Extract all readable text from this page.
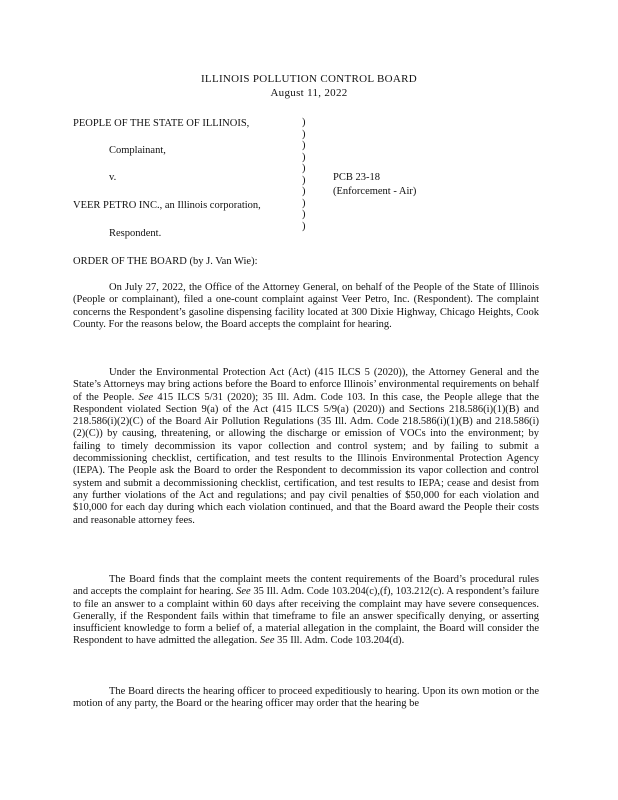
ILLINOIS POLLUTION CONTROL BOARD
August 11, 2022
PEOPLE OF THE STATE OF ILLINOIS,
Complainant,
v.
VEER PETRO INC., an Illinois corporation,
Respondent.
)
)
)
)
)
)
)
)
)
)
PCB 23-18
(Enforcement - Air)
ORDER OF THE BOARD (by J. Van Wie):

On July 27, 2022, the Office of the Attorney General, on behalf of the People of the State of Illinois (People or complainant), filed a one-count complaint against Veer Petro, Inc. (Respondent). The complaint concerns the Respondent’s gasoline dispensing facility located at 300 Dixie Highway, Chicago Heights, Cook County. For the reasons below, the Board accepts the complaint for hearing.

Under the Environmental Protection Act (Act) (415 ILCS 5 (2020)), the Attorney General and the State’s Attorneys may bring actions before the Board to enforce Illinois’ environmental requirements on behalf of the People. See 415 ILCS 5/31 (2020); 35 Ill. Adm. Code 103. In this case, the People allege that the Respondent violated Section 9(a) of the Act (415 ILCS 5/9(a) (2020)) and Sections 218.586(i)(1)(B) and 218.586(i)(2)(C) of the Board Air Pollution Regulations (35 Ill. Adm. Code 218.586(i)(1)(B) and 218.586(i)(2)(C)) by causing, threatening, or allowing the discharge or emission of VOCs into the environment; by failing to timely decommission its vapor collection and control system; and by failing to submit a decommissioning checklist, certification, and test results to the Illinois Environmental Protection Agency (IEPA). The People ask the Board to order the Respondent to decommission its vapor collection and control system and submit a decommissioning checklist, certification, and test results to IEPA; cease and desist from any further violations of the Act and regulations; and pay civil penalties of $50,000 for each violation and $10,000 for each day during which each violation continued, and that the Board award the People their costs and reasonable attorney fees.

The Board finds that the complaint meets the content requirements of the Board’s procedural rules and accepts the complaint for hearing. See 35 Ill. Adm. Code 103.204(c),(f), 103.212(c). A respondent’s failure to file an answer to a complaint within 60 days after receiving the complaint may have severe consequences. Generally, if the Respondent fails within that timeframe to file an answer specifically denying, or asserting insufficient knowledge to form a belief of, a material allegation in the complaint, the Board will consider the Respondent to have admitted the allegation. See 35 Ill. Adm. Code 103.204(d).

The Board directs the hearing officer to proceed expeditiously to hearing. Upon its own motion or the motion of any party, the Board or the hearing officer may order that the hearing be
